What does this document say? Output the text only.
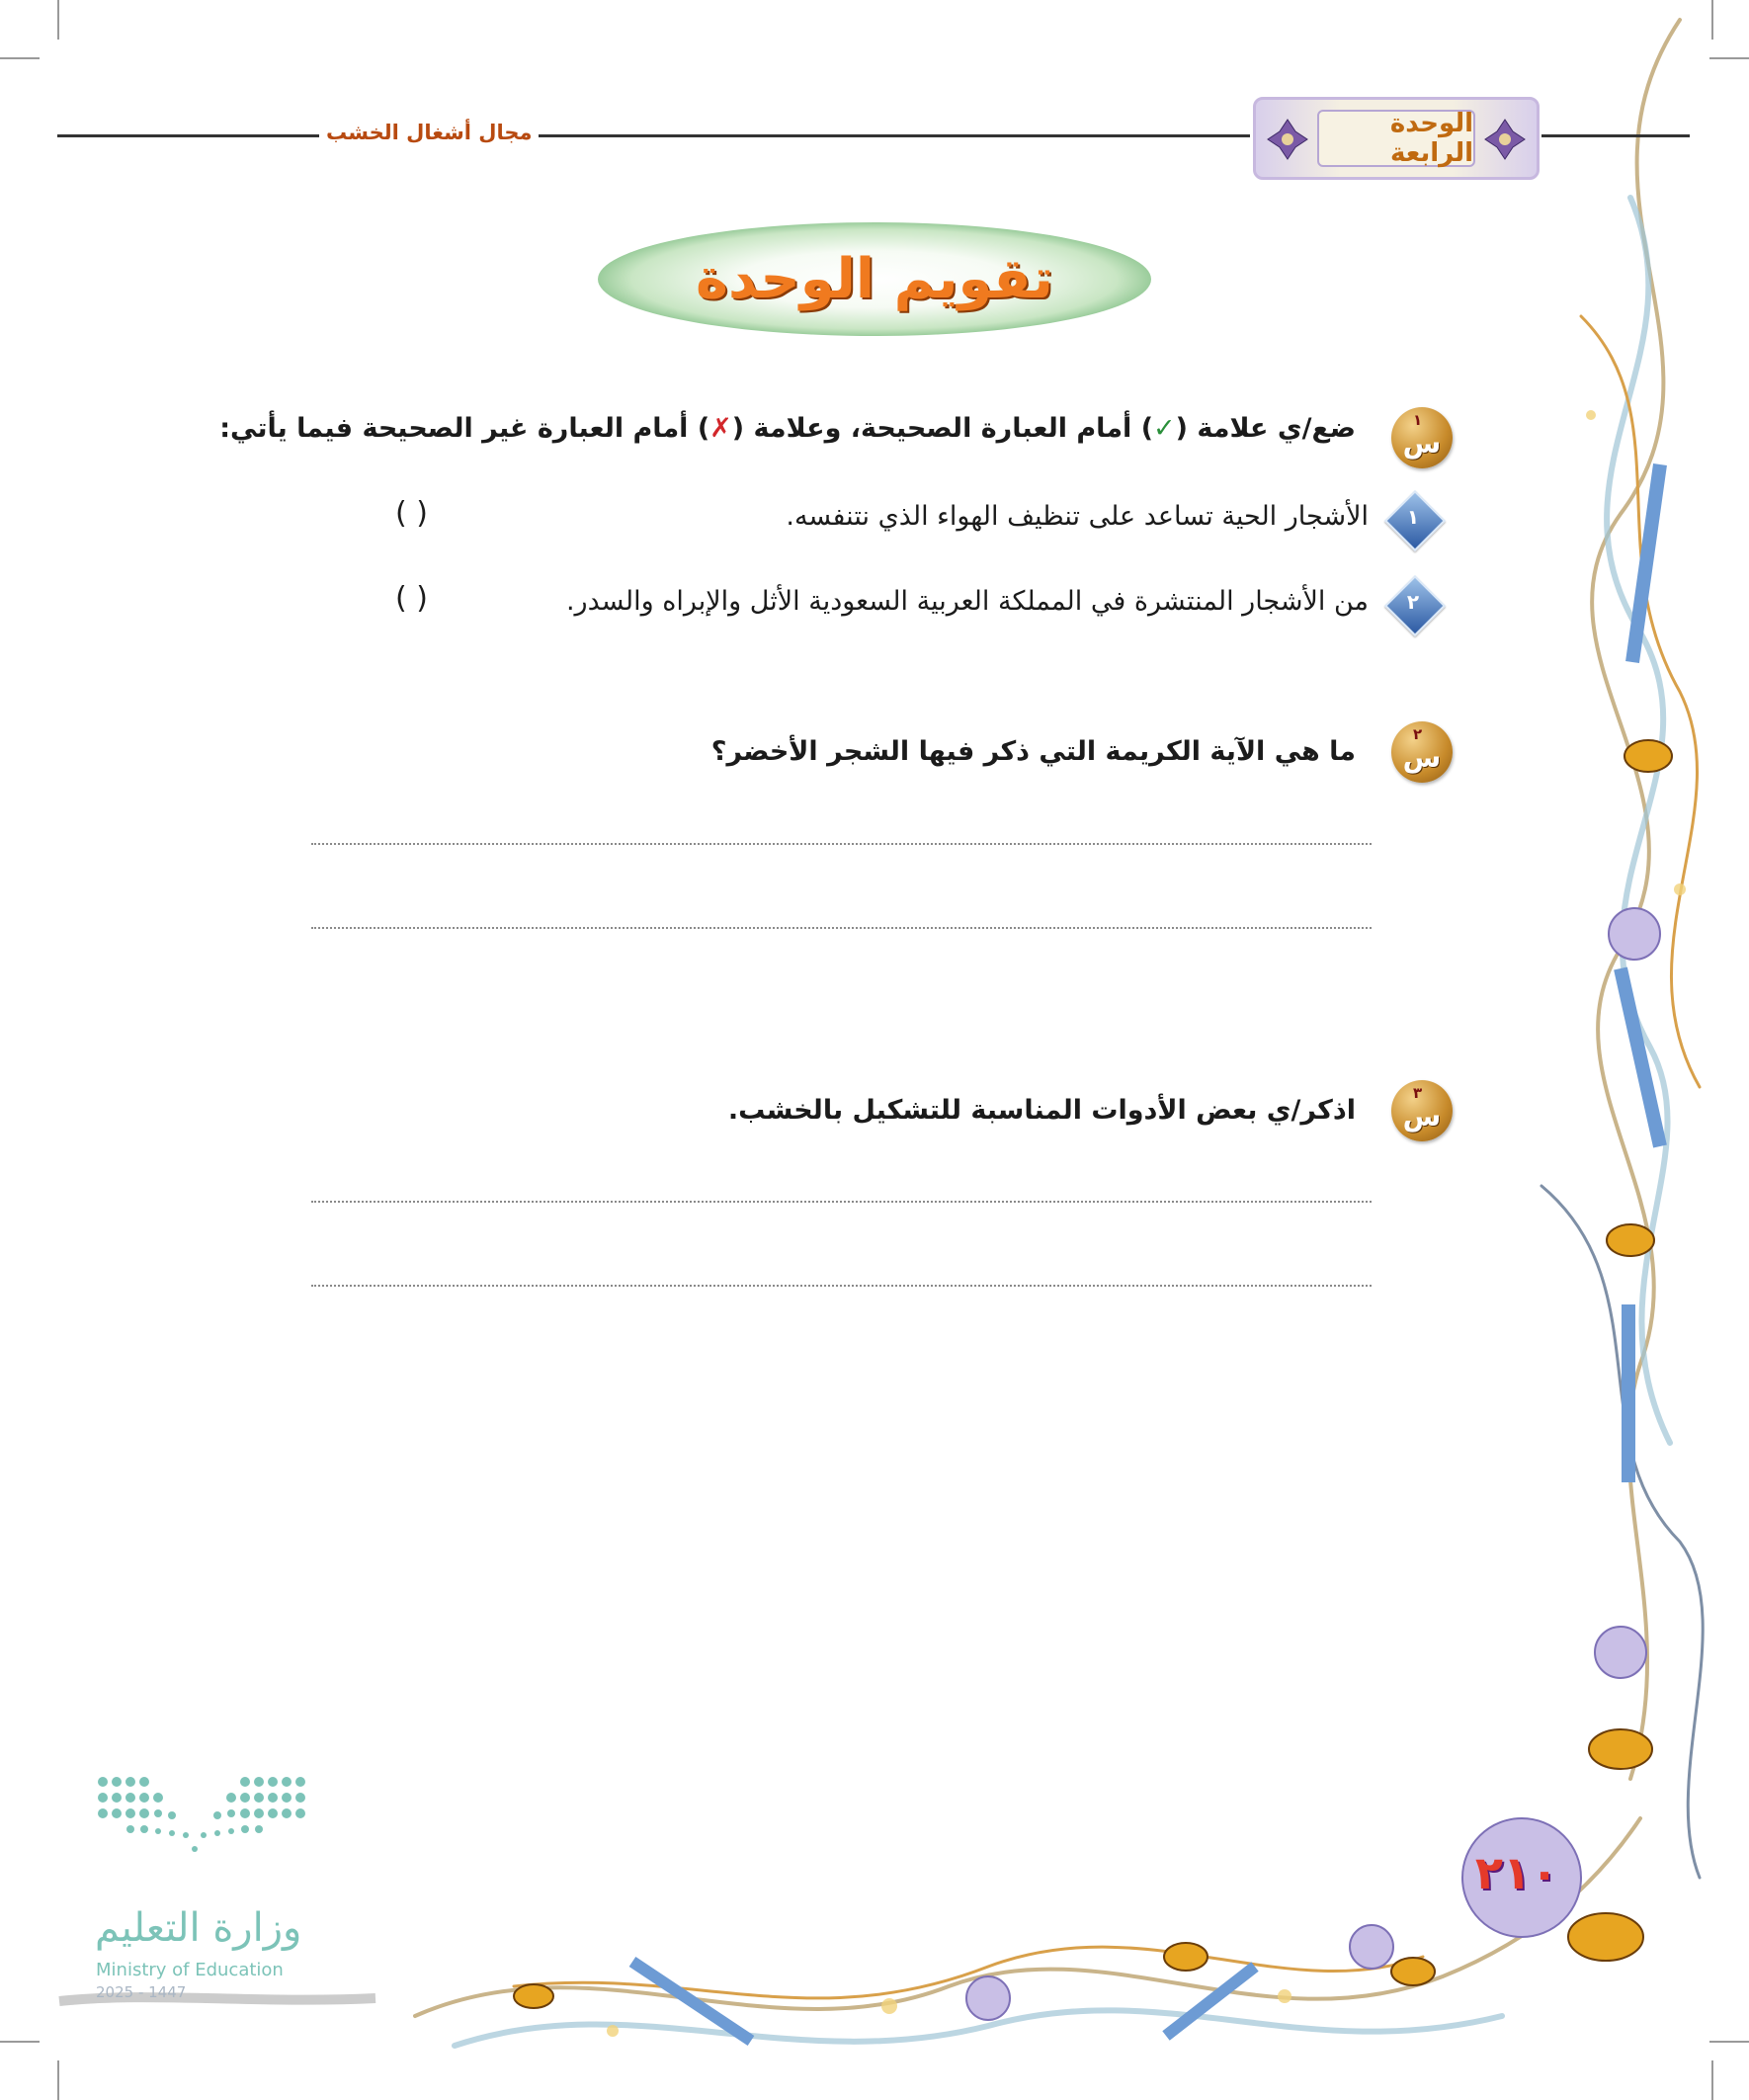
مجال أشغال الخشب	الوحدة الرابعة
تقويم الوحدة
١
س
ضع/ي علامة (✓) أمام العبارة الصحيحة، وعلامة (✗) أمام العبارة غير الصحيحة فيما يأتي:
١
الأشجار الحية تساعد على تنظيف الهواء الذي نتنفسه.
( )
٢
من الأشجار المنتشرة في المملكة العربية السعودية الأثل والإبراه والسدر.
( )
٢
س
ما هي الآية الكريمة التي ذكر فيها الشجر الأخضر؟
٣
س
اذكر/ي بعض الأدوات المناسبة للتشكيل بالخشب.
٢١٠
وزارة التعليم
Ministry of Education
2025 - 1447
